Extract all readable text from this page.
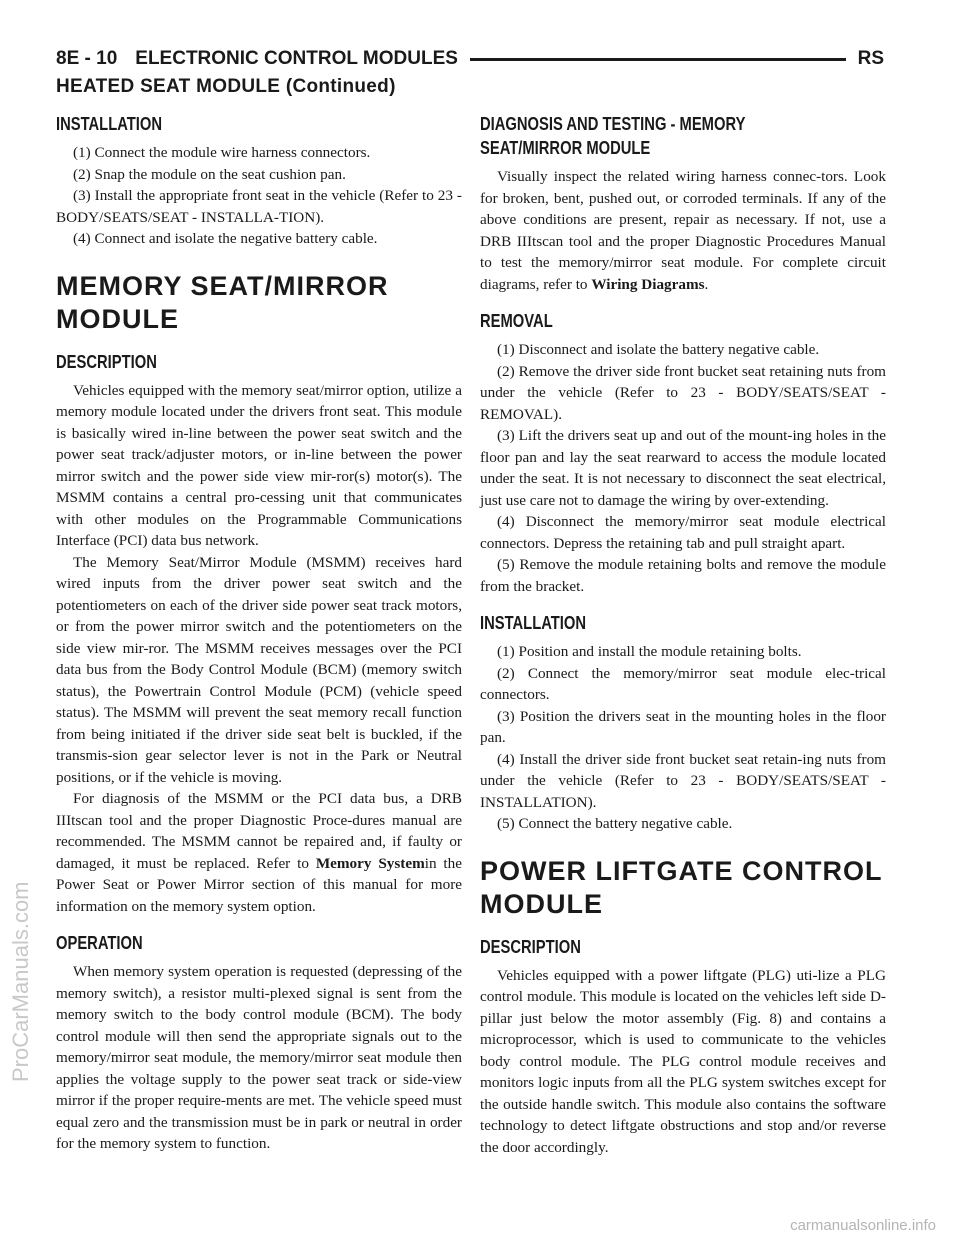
8E - 10 ELECTRONIC CONTROL MODULES	RS
HEATED SEAT MODULE (Continued)
INSTALLATION

(1) Connect the module wire harness connectors.

(2) Snap the module on the seat cushion pan.

(3) Install the appropriate front seat in the vehicle (Refer to 23 - BODY/SEATS/SEAT - INSTALLA-TION).

(4) Connect and isolate the negative battery cable.

MEMORY SEAT/MIRROR MODULE
DESCRIPTION

Vehicles equipped with the memory seat/mirror option, utilize a memory module located under the drivers front seat. This module is basically wired in-line between the power seat switch and the power seat track/adjuster motors, or in-line between the power mirror switch and the power side view mir-ror(s) motor(s). The MSMM contains a central pro-cessing unit that communicates with other modules on the Programmable Communications Interface (PCI) data bus network.

The Memory Seat/Mirror Module (MSMM) receives hard wired inputs from the driver power seat switch and the potentiometers on each of the driver side power seat track motors, or from the power mirror switch and the potentiometers on the side view mir-ror. The MSMM receives messages over the PCI data bus from the Body Control Module (BCM) (memory switch status), the Powertrain Control Module (PCM) (vehicle speed status). The MSMM will prevent the seat memory recall function from being initiated if the driver side seat belt is buckled, if the transmis-sion gear selector lever is not in the Park or Neutral positions, or if the vehicle is moving.

For diagnosis of the MSMM or the PCI data bus, a DRB IIItscan tool and the proper Diagnostic Proce-dures manual are recommended. The MSMM cannot be repaired and, if faulty or damaged, it must be replaced. Refer to Memory Systemin the Power Seat or Power Mirror section of this manual for more information on the memory system option.

OPERATION

When memory system operation is requested (depressing of the memory switch), a resistor multi-plexed signal is sent from the memory switch to the body control module (BCM). The body control module will then send the appropriate signals out to the memory/mirror seat module, the memory/mirror seat module then applies the voltage supply to the power seat track or side-view mirror if the proper require-ments are met. The vehicle speed must equal zero and the transmission must be in park or neutral in order for the memory system to function.

DIAGNOSIS AND TESTING - MEMORY
SEAT/MIRROR MODULE

Visually inspect the related wiring harness connec-tors. Look for broken, bent, pushed out, or corroded terminals. If any of the above conditions are present, repair as necessary. If not, use a DRB IIItscan tool and the proper Diagnostic Procedures Manual to test the memory/mirror seat module. For complete circuit diagrams, refer to Wiring Diagrams.

REMOVAL

(1) Disconnect and isolate the battery negative cable.

(2) Remove the driver side front bucket seat retaining nuts from under the vehicle (Refer to 23 - BODY/SEATS/SEAT - REMOVAL).

(3) Lift the drivers seat up and out of the mount-ing holes in the floor pan and lay the seat rearward to access the module located under the seat. It is not necessary to disconnect the seat electrical, just use care not to damage the wiring by over-extending.

(4) Disconnect the memory/mirror seat module electrical connectors. Depress the retaining tab and pull straight apart.

(5) Remove the module retaining bolts and remove the module from the bracket.

INSTALLATION

(1) Position and install the module retaining bolts.

(2) Connect the memory/mirror seat module elec-trical connectors.

(3) Position the drivers seat in the mounting holes in the floor pan.

(4) Install the driver side front bucket seat retain-ing nuts from under the vehicle (Refer to 23 - BODY/SEATS/SEAT - INSTALLATION).

(5) Connect the battery negative cable.

POWER LIFTGATE CONTROL MODULE
DESCRIPTION

Vehicles equipped with a power liftgate (PLG) uti-lize a PLG control module. This module is located on the vehicles left side D-pillar just below the motor assembly (Fig. 8) and contains a microprocessor, which is used to communicate to the vehicles body control module. The PLG control module receives and monitors logic inputs from all the PLG system switches except for the outside handle switch. This module also contains the software technology to detect liftgate obstructions and stop and/or reverse the door accordingly.

ProCarManuals.com
carmanualsonline.info
